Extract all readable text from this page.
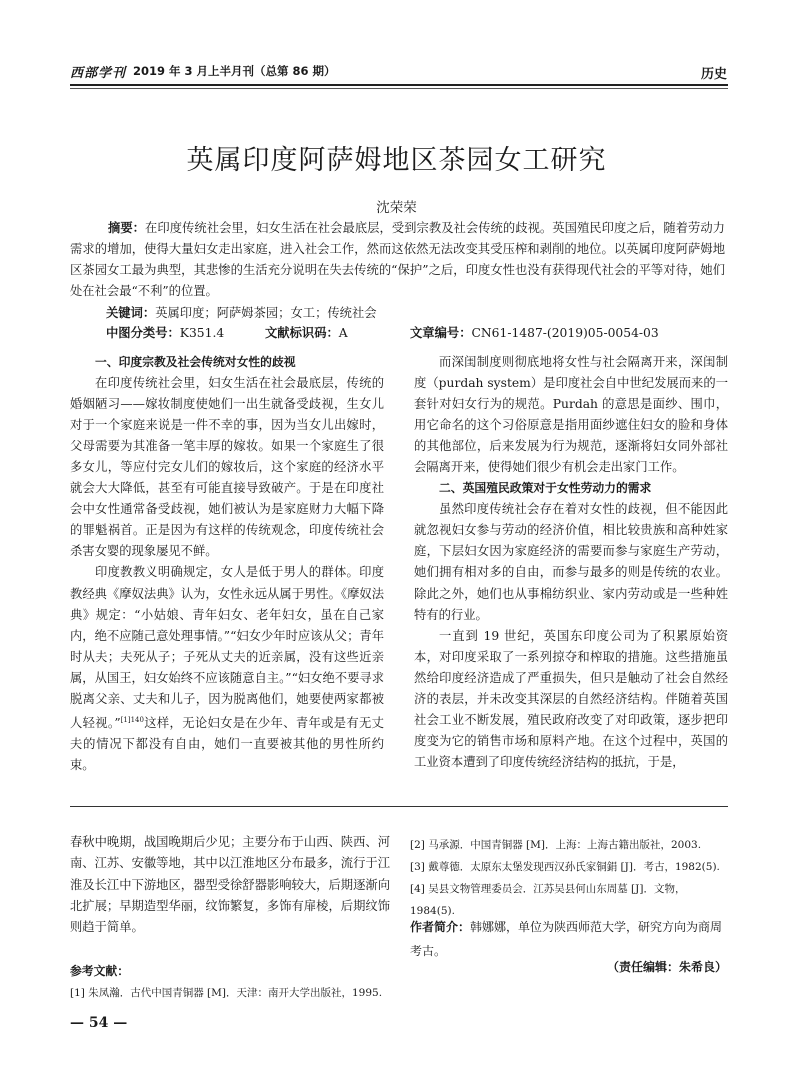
西部学刊 2019 年 3 月上半月刊（总第 86 期）	历史
英属印度阿萨姆地区茶园女工研究
沈荣荣
摘要：在印度传统社会里，妇女生活在社会最底层，受到宗教及社会传统的歧视。英国殖民印度之后，随着劳动力需求的增加，使得大量妇女走出家庭，进入社会工作，然而这依然无法改变其受压榨和剥削的地位。以英属印度阿萨姆地区茶园女工最为典型，其悲惨的生活充分说明在失去传统的“保护”之后，印度女性也没有获得现代社会的平等对待，她们处在社会最“不利”的位置。
关键词：英属印度；阿萨姆茶园；女工；传统社会
中图分类号：K351.4	文献标识码：A	文章编号：CN61-1487-(2019)05-0054-03
一、印度宗教及社会传统对女性的歧视

在印度传统社会里，妇女生活在社会最底层，传统的婚姻陋习——嫁妆制度使她们一出生就备受歧视，生女儿对于一个家庭来说是一件不幸的事，因为当女儿出嫁时，父母需要为其准备一笔丰厚的嫁妆。如果一个家庭生了很多女儿，等应付完女儿们的嫁妆后，这个家庭的经济水平就会大大降低，甚至有可能直接导致破产。于是在印度社会中女性通常备受歧视，她们被认为是家庭财力大幅下降的罪魁祸首。正是因为有这样的传统观念，印度传统社会杀害女婴的现象屡见不鲜。

印度教教义明确规定，女人是低于男人的群体。印度教经典《摩奴法典》认为，女性永远从属于男性。《摩奴法典》规定：“小姑娘、青年妇女、老年妇女，虽在自己家内，绝不应随己意处理事情。”“妇女少年时应该从父；青年时从夫；夫死从子；子死从丈夫的近亲属，没有这些近亲属，从国王，妇女始终不应该随意自主。”“妇女绝不要寻求脱离父亲、丈夫和儿子，因为脱离他们，她要使两家都被人轻视。”$^{[1]140}$这样，无论妇女是在少年、青年或是有无丈夫的情况下都没有自由，她们一直要被其他的男性所约束。

而深闺制度则彻底地将女性与社会隔离开来，深闺制度（purdah system）是印度社会自中世纪发展而来的一套针对妇女行为的规范。Purdah 的意思是面纱、围巾，用它命名的这个习俗原意是指用面纱遮住妇女的脸和身体的其他部位，后来发展为行为规范，逐渐将妇女同外部社会隔离开来，使得她们很少有机会走出家门工作。

二、英国殖民政策对于女性劳动力的需求

虽然印度传统社会存在着对女性的歧视，但不能因此就忽视妇女参与劳动的经济价值，相比较贵族和高种姓家庭，下层妇女因为家庭经济的需要而参与家庭生产劳动，她们拥有相对多的自由，而参与最多的则是传统的农业。除此之外，她们也从事棉纺织业、家内劳动或是一些种姓特有的行业。

一直到 19 世纪，英国东印度公司为了积累原始资本，对印度采取了一系列掠夺和榨取的措施。这些措施虽然给印度经济造成了严重损失，但只是触动了社会自然经济的表层，并未改变其深层的自然经济结构。伴随着英国社会工业不断发展，殖民政府改变了对印政策，逐步把印度变为它的销售市场和原料产地。在这个过程中，英国的工业资本遭到了印度传统经济结构的抵抗，于是，

春秋中晚期，战国晚期后少见；主要分布于山西、陕西、河南、江苏、安徽等地，其中以江淮地区分布最多，流行于江淮及长江中下游地区，器型受徐舒器影响较大，后期逐渐向北扩展；早期造型华丽，纹饰繁复，多饰有扉棱，后期纹饰则趋于简单。
参考文献：
[1] 朱凤瀚．古代中国青铜器 [M]．天津：南开大学出版社，1995.
[2] 马承源．中国青铜器 [M]．上海：上海古籍出版社，2003.
[3] 戴尊德．太原东太堡发现西汉孙氏家铜鋗 [J]．考古，1982(5).
[4] 吴县文物管理委员会．江苏吴县何山东周墓 [J]．文物，1984(5).
作者简介：韩娜娜，单位为陕西师范大学，研究方向为商周考古。
（责任编辑：朱希良）
— 54 —
